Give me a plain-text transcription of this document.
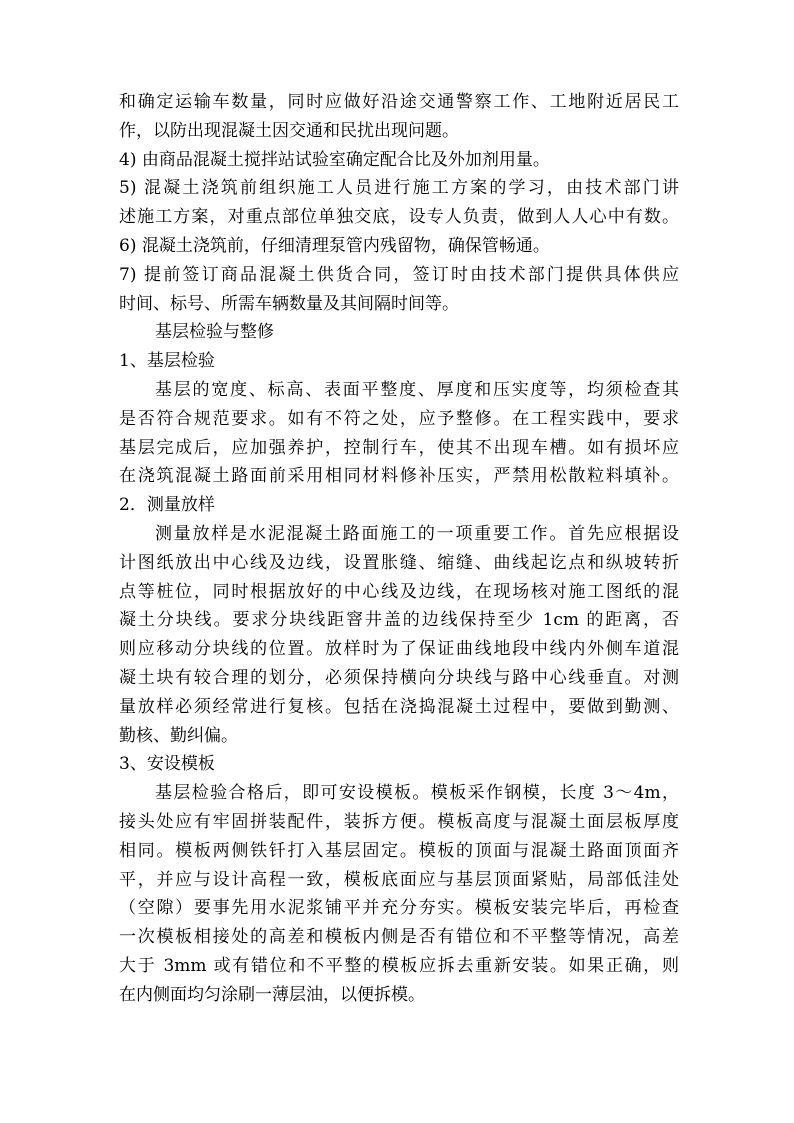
和确定运输车数量，同时应做好沿途交通警察工作、工地附近居民工
作，以防出现混凝土因交通和民扰出现问题。
4) 由商品混凝土搅拌站试验室确定配合比及外加剂用量。
5) 混凝土浇筑前组织施工人员进行施工方案的学习，由技术部门讲
述施工方案，对重点部位单独交底，设专人负责，做到人人心中有数。
6) 混凝土浇筑前，仔细清理泵管内残留物，确保管畅通。
7) 提前签订商品混凝土供货合同，签订时由技术部门提供具体供应
时间、标号、所需车辆数量及其间隔时间等。
基层检验与整修
1、基层检验
基层的宽度、标高、表面平整度、厚度和压实度等，均须检查其
是否符合规范要求。如有不符之处，应予整修。在工程实践中，要求
基层完成后，应加强养护，控制行车，使其不出现车槽。如有损坏应
在浇筑混凝土路面前采用相同材料修补压实，严禁用松散粒料填补。
2．测量放样
测量放样是水泥混凝土路面施工的一项重要工作。首先应根据设
计图纸放出中心线及边线，设置胀缝、缩缝、曲线起讫点和纵坡转折
点等桩位，同时根据放好的中心线及边线，在现场核对施工图纸的混
凝土分块线。要求分块线距窨井盖的边线保持至少 1cm 的距离，否
则应移动分块线的位置。放样时为了保证曲线地段中线内外侧车道混
凝土块有较合理的划分，必须保持横向分块线与路中心线垂直。对测
量放样必须经常进行复核。包括在浇捣混凝土过程中，要做到勤测、
勤核、勤纠偏。
3、安设模板
基层检验合格后，即可安设模板。模板采作钢模，长度 3～4m，
接头处应有牢固拼装配件，装拆方便。模板高度与混凝土面层板厚度
相同。模板两侧铁钎打入基层固定。模板的顶面与混凝土路面顶面齐
平，并应与设计高程一致，模板底面应与基层顶面紧贴，局部低洼处
（空隙）要事先用水泥浆铺平并充分夯实。模板安装完毕后，再检查
一次模板相接处的高差和模板内侧是否有错位和不平整等情况，高差
大于 3mm 或有错位和不平整的模板应拆去重新安装。如果正确，则
在内侧面均匀涂刷一薄层油，以便拆模。
